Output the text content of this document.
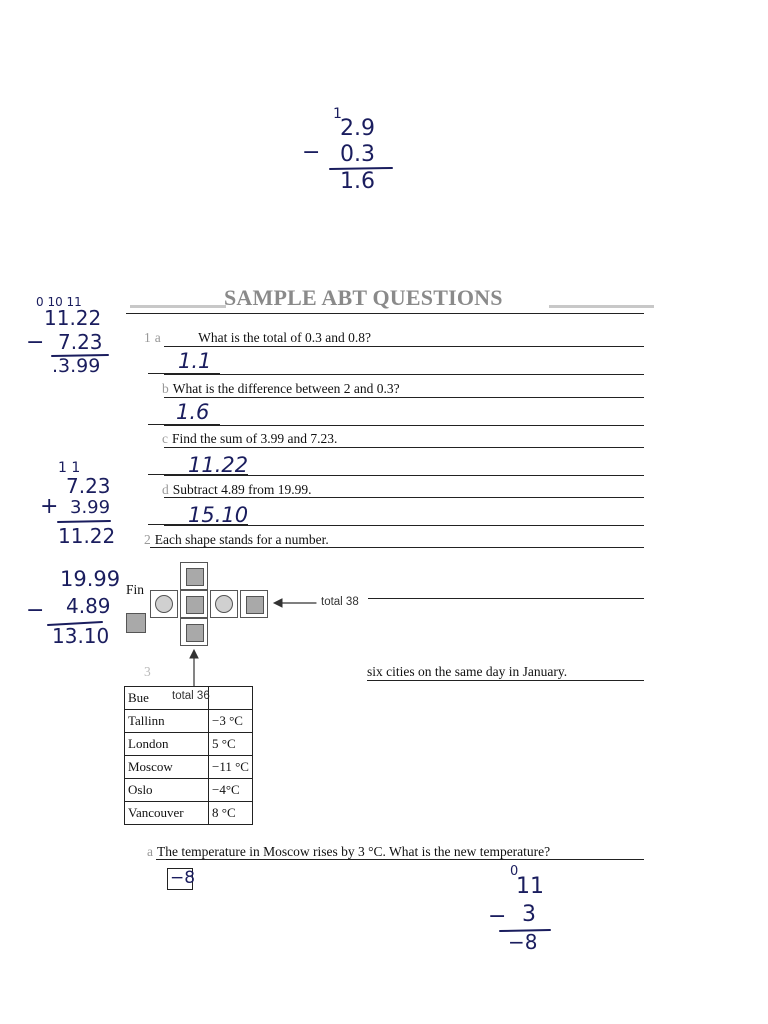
1
2.9
− 0.3
1.6
0 10 11
11.22
− 7.23
.3.99
1 1
7.23
+ 3.99
11.22
19.99
− 4.89
13.10
SAMPLE ABT QUESTIONS
1 a	What is the total of 0.3 and 0.8?
1.1
b What is the difference between 2 and 0.3?
1.6
c Find the sum of 3.99 and 7.23.
11.22
d Subtract 4.89 from 19.99.
15.10
2 Each shape stands for a number.
Fin
total 38
total 36
3	six cities on the same day in January.
Bue	
Tallinn	−3 °C
London	5 °C
Moscow	−11 °C
Oslo	−4°C
Vancouver	8 °C
a The temperature in Moscow rises by 3 °C. What is the new temperature?
−8	0
11
− 3
−8
